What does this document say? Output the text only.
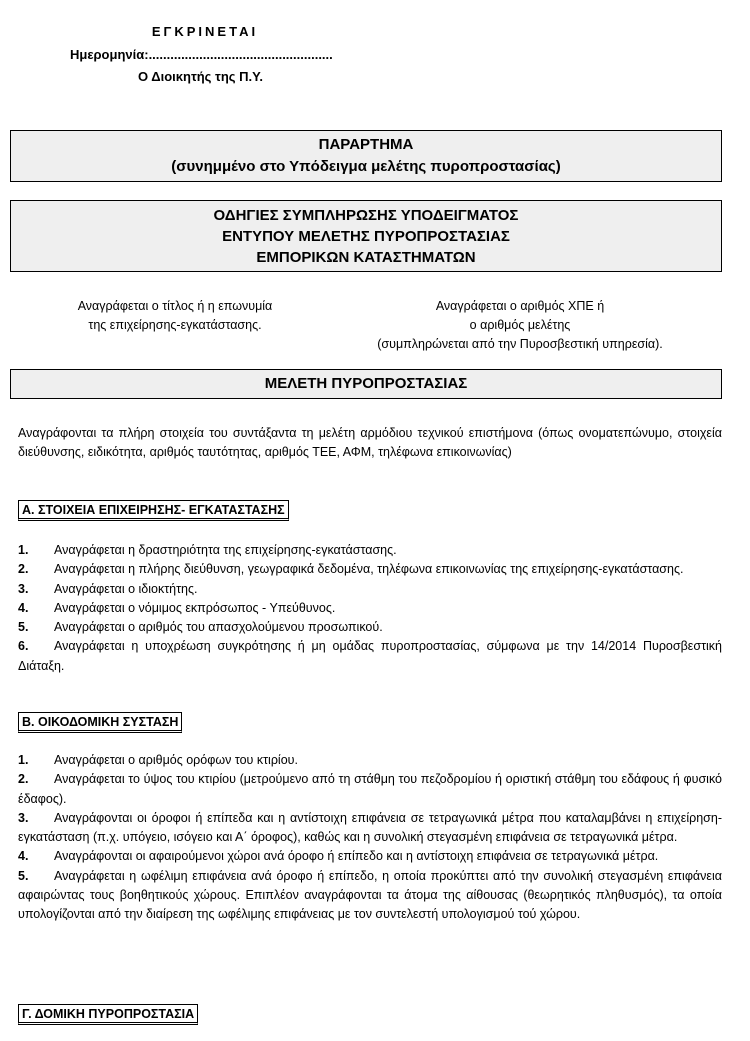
ΕΓΚΡΙΝΕΤΑΙ
Ημερομηνία:...................................................
Ο Διοικητής της Π.Υ.
ΠΑΡΑΡΤΗΜΑ
(συνημμένο στο Υπόδειγμα μελέτης πυροπροστασίας)
ΟΔΗΓΙΕΣ ΣΥΜΠΛΗΡΩΣΗΣ ΥΠΟΔΕΙΓΜΑΤΟΣ
ΕΝΤΥΠΟΥ ΜΕΛΕΤΗΣ ΠΥΡΟΠΡΟΣΤΑΣΙΑΣ
ΕΜΠΟΡΙΚΩΝ ΚΑΤΑΣΤΗΜΑΤΩΝ
Αναγράφεται ο τίτλος ή η επωνυμία
της επιχείρησης-εγκατάστασης.
Αναγράφεται ο αριθμός ΧΠΕ ή
ο αριθμός μελέτης
(συμπληρώνεται από την Πυροσβεστική υπηρεσία).
ΜΕΛΕΤΗ ΠΥΡΟΠΡΟΣΤΑΣΙΑΣ
Αναγράφονται τα πλήρη στοιχεία του συντάξαντα τη μελέτη αρμόδιου τεχνικού επιστήμονα (όπως ονοματεπώνυμο, στοιχεία διεύθυνσης, ειδικότητα, αριθμός ταυτότητας, αριθμός ΤΕΕ, ΑΦΜ, τηλέφωνα επικοινωνίας)
Α. ΣΤΟΙΧΕΙΑ ΕΠΙΧΕΙΡΗΣΗΣ- ΕΓΚΑΤΑΣΤΑΣΗΣ
1. Αναγράφεται η δραστηριότητα της επιχείρησης-εγκατάστασης.
2. Αναγράφεται η πλήρης διεύθυνση, γεωγραφικά δεδομένα, τηλέφωνα επικοινωνίας της επιχείρησης-εγκατάστασης.
3. Αναγράφεται ο ιδιοκτήτης.
4. Αναγράφεται ο νόμιμος εκπρόσωπος - Υπεύθυνος.
5. Αναγράφεται ο αριθμός του απασχολούμενου προσωπικού.
6. Αναγράφεται η υποχρέωση συγκρότησης ή μη ομάδας πυροπροστασίας, σύμφωνα με την 14/2014 Πυροσβεστική Διάταξη.
Β. ΟΙΚΟΔΟΜΙΚΗ ΣΥΣΤΑΣΗ
1. Αναγράφεται ο αριθμός ορόφων του κτιρίου.
2. Αναγράφεται το ύψος του κτιρίου (μετρούμενο από τη στάθμη του πεζοδρομίου ή οριστική στάθμη του εδάφους ή φυσικό έδαφος).
3. Αναγράφονται οι όροφοι ή επίπεδα και η αντίστοιχη επιφάνεια σε τετραγωνικά μέτρα που καταλαμβάνει η επιχείρηση- εγκατάσταση (π.χ. υπόγειο, ισόγειο και Α΄ όροφος), καθώς και η συνολική στεγασμένη επιφάνεια σε τετραγωνικά μέτρα.
4. Αναγράφονται οι αφαιρούμενοι χώροι ανά όροφο ή επίπεδο και η αντίστοιχη επιφάνεια σε τετραγωνικά μέτρα.
5. Αναγράφεται η ωφέλιμη επιφάνεια ανά όροφο ή επίπεδο, η οποία προκύπτει από την συνολική στεγασμένη επιφάνεια αφαιρώντας τους βοηθητικούς χώρους. Επιπλέον αναγράφονται τα άτομα της αίθουσας (θεωρητικός πληθυσμός), τα οποία υπολογίζονται από την διαίρεση της ωφέλιμης επιφάνειας με τον συντελεστή υπολογισμού τού χώρου.
Γ. ΔΟΜΙΚΗ ΠΥΡΟΠΡΟΣΤΑΣΙΑ
